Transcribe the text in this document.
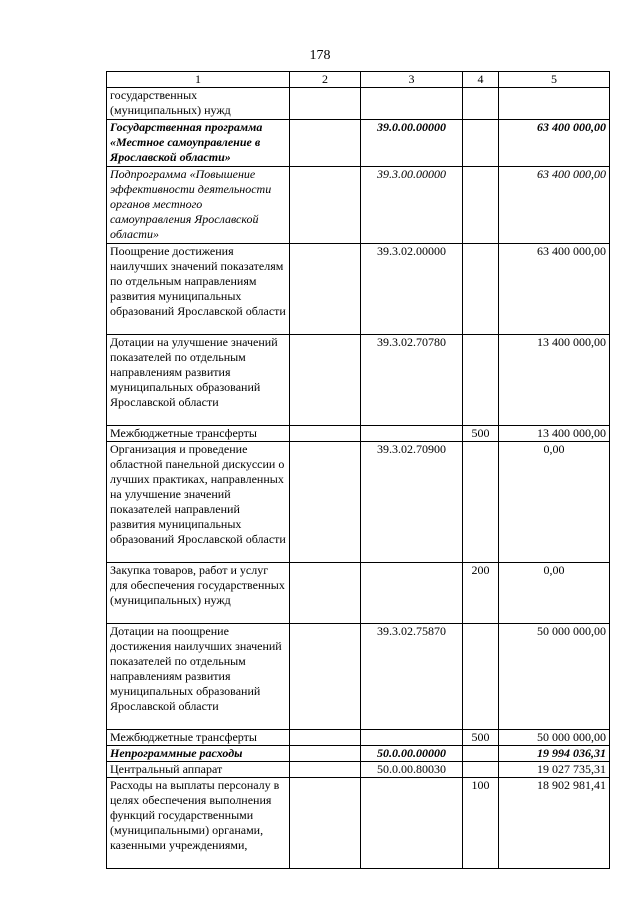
178
1	2	3	4	5
государственных (муниципальных) нужд				
Государственная программа «Местное самоуправление в Ярославской области»		39.0.00.00000		63 400 000,00
Подпрограмма «Повышение эффективности деятельности органов местного самоуправления Ярославской области»		39.3.00.00000		63 400 000,00
Поощрение достижения наилучших значений показателям по отдельным направлениям развития муниципальных образований Ярославской области		39.3.02.00000		63 400 000,00
Дотации на улучшение значений показателей по отдельным направлениям развития муниципальных образований Ярославской области		39.3.02.70780		13 400 000,00
Межбюджетные трансферты			500	13 400 000,00
Организация и проведение областной панельной дискуссии о лучших практиках, направленных на улучшение значений показателей направлений развития муниципальных образований Ярославской области		39.3.02.70900		0,00
Закупка товаров, работ и услуг для обеспечения государственных (муниципальных) нужд			200	0,00
Дотации на поощрение достижения наилучших значений показателей по отдельным направлениям развития муниципальных образований Ярославской области		39.3.02.75870		50 000 000,00
Межбюджетные трансферты			500	50 000 000,00
Непрограммные расходы		50.0.00.00000		19 994 036,31
Центральный аппарат		50.0.00.80030		19 027 735,31
Расходы на выплаты персоналу в целях обеспечения выполнения функций государственными (муниципальными) органами, казенными учреждениями,			100	18 902 981,41
